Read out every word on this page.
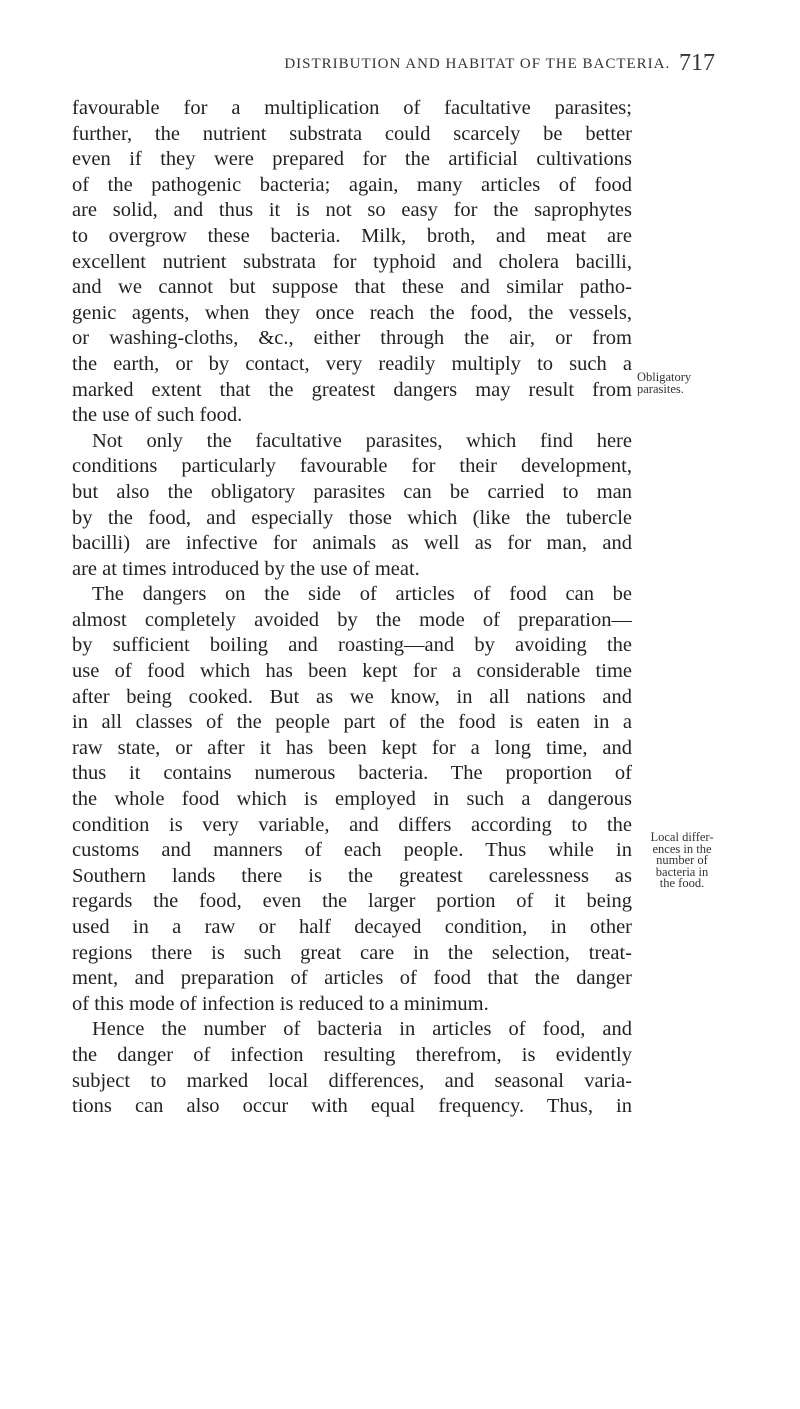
DISTRIBUTION AND HABITAT OF THE BACTERIA. 717
favourable for a multiplication of facultative parasites;
further, the nutrient substrata could scarcely be better
even if they were prepared for the artificial cultivations
of the pathogenic bacteria; again, many articles of food
are solid, and thus it is not so easy for the saprophytes
to overgrow these bacteria. Milk, broth, and meat are
excellent nutrient substrata for typhoid and cholera bacilli,
and we cannot but suppose that these and similar patho-
genic agents, when they once reach the food, the vessels,
or washing-cloths, &c., either through the air, or from
the earth, or by contact, very readily multiply to such a
marked extent that the greatest dangers may result from
the use of such food.
Not only the facultative parasites, which find here
conditions particularly favourable for their development,
but also the obligatory parasites can be carried to man
by the food, and especially those which (like the tubercle
bacilli) are infective for animals as well as for man, and
are at times introduced by the use of meat.
The dangers on the side of articles of food can be
almost completely avoided by the mode of preparation—
by sufficient boiling and roasting—and by avoiding the
use of food which has been kept for a considerable time
after being cooked. But as we know, in all nations and
in all classes of the people part of the food is eaten in a
raw state, or after it has been kept for a long time, and
thus it contains numerous bacteria. The proportion of
the whole food which is employed in such a dangerous
condition is very variable, and differs according to the
customs and manners of each people. Thus while in
Southern lands there is the greatest carelessness as
regards the food, even the larger portion of it being
used in a raw or half decayed condition, in other
regions there is such great care in the selection, treat-
ment, and preparation of articles of food that the danger
of this mode of infection is reduced to a minimum.
Hence the number of bacteria in articles of food, and
the danger of infection resulting therefrom, is evidently
subject to marked local differences, and seasonal varia-
tions can also occur with equal frequency. Thus, in
Obligatory
parasites.
Local differ-
ences in the
number of
bacteria in
the food.
